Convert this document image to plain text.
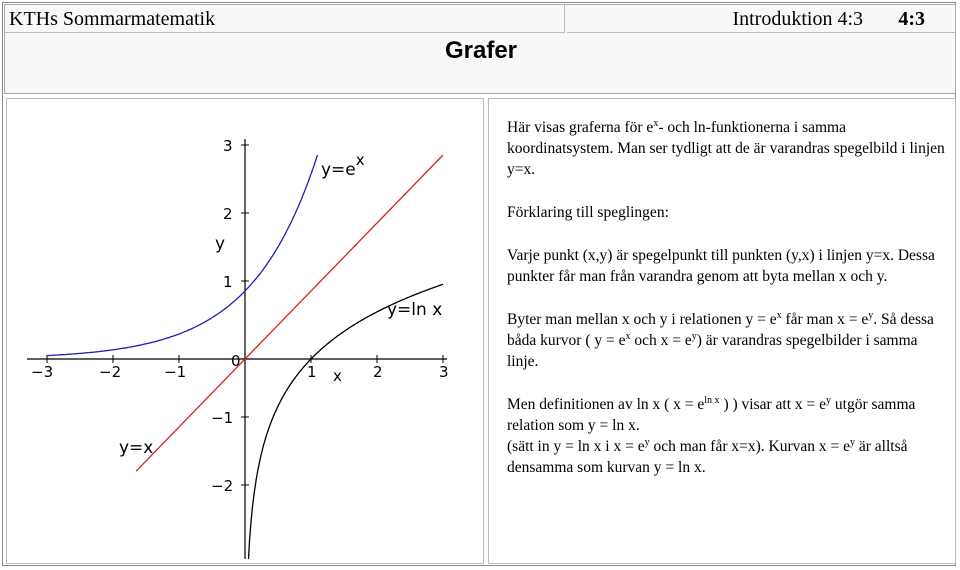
KTHs Sommarmatematik	Introduktion 4:3 4:3
Grafer
−3	−2	−1
0
1	2	3
3
2
1
−1
−2
x
y
y=ex
y=x
y=ln x

Här visas graferna för $e^x-$ och ln-funktionerna i samma koordinatsystem. Man ser tydligt att de är varandras spegelbild i linjen y=x.

Förklaring till speglingen:

Varje punkt (x,y) är spegelpunkt till punkten (y,x) i linjen y=x. Dessa punkter får man från varandra genom att byta mellan x och y.

Byter man mellan x och y i relationen $y = e^x$ får man $x = e^y$. Så dessa båda kurvor ( $y = e^x$ och $x = e^y$) är varandras spegelbilder i samma linje.

Men definitionen av ln x ( $x = e^{ln x}$ ) ) visar att $x = e^y$ utgör samma relation som y = ln x.

(sätt in y = ln x i $x = e^y$ och man får x=x). Kurvan $x = e^y$ är alltså densamma som kurvan y = ln x.
